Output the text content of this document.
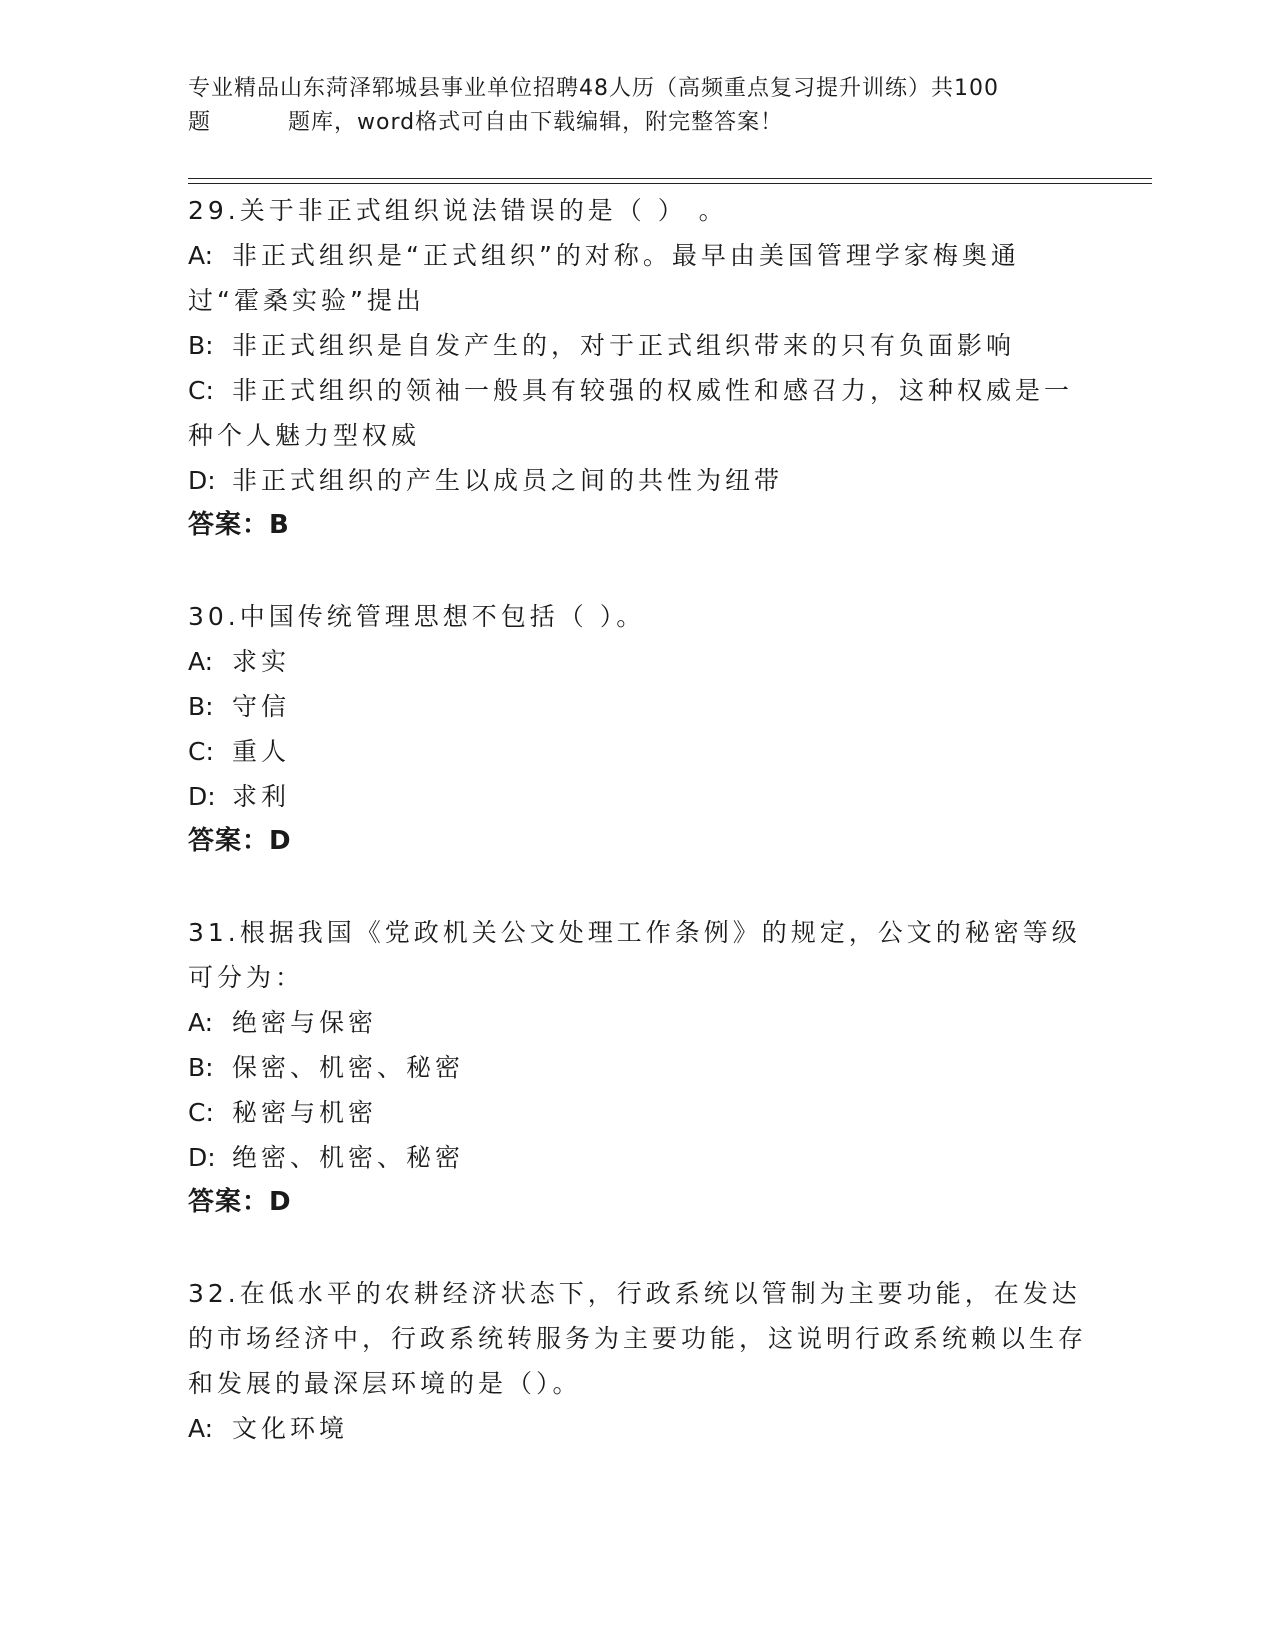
专业精品山东菏泽郓城县事业单位招聘48人历（高频重点复习提升训练）共100
题	题库，word格式可自由下载编辑，附完整答案！

29.关于非正式组织说法错误的是（ ） 。

A: 非正式组织是“正式组织”的对称。最早由美国管理学家梅奥通过“霍桑实验”提出

B: 非正式组织是自发产生的，对于正式组织带来的只有负面影响

C: 非正式组织的领袖一般具有较强的权威性和感召力，这种权威是一种个人魅力型权威

D: 非正式组织的产生以成员之间的共性为纽带

答案：B

30.中国传统管理思想不包括（ ）。

A: 求实

B: 守信

C: 重人

D: 求利

答案：D

31.根据我国《党政机关公文处理工作条例》的规定，公文的秘密等级可分为：

A: 绝密与保密

B: 保密、机密、秘密

C: 秘密与机密

D: 绝密、机密、秘密

答案：D

32.在低水平的农耕经济状态下，行政系统以管制为主要功能，在发达的市场经济中，行政系统转服务为主要功能，这说明行政系统赖以生存和发展的最深层环境的是（）。

A: 文化环境
